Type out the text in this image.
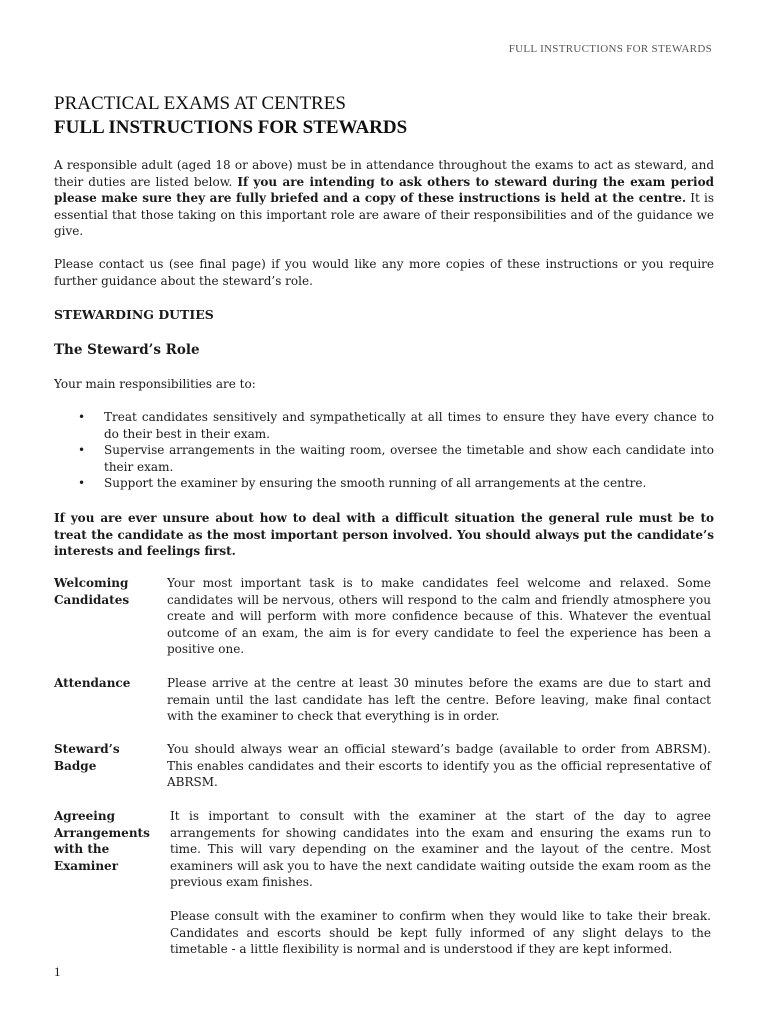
FULL INSTRUCTIONS FOR STEWARDS
PRACTICAL EXAMS AT CENTRES
FULL INSTRUCTIONS FOR STEWARDS

A responsible adult (aged 18 or above) must be in attendance throughout the exams to act as steward, and their duties are listed below. If you are intending to ask others to steward during the exam period please make sure they are fully briefed and a copy of these instructions is held at the centre. It is essential that those taking on this important role are aware of their responsibilities and of the guidance we give.

Please contact us (see final page) if you would like any more copies of these instructions or you require further guidance about the steward’s role.

STEWARDING DUTIES
The Steward’s Role

Your main responsibilities are to:

• Treat candidates sensitively and sympathetically at all times to ensure they have every chance to do their best in their exam.
• Supervise arrangements in the waiting room, oversee the timetable and show each candidate into their exam.
• Support the examiner by ensuring the smooth running of all arrangements at the centre.

If you are ever unsure about how to deal with a difficult situation the general rule must be to treat the candidate as the most important person involved. You should always put the candidate’s interests and feelings first.

Welcoming Candidates

Your most important task is to make candidates feel welcome and relaxed. Some candidates will be nervous, others will respond to the calm and friendly atmosphere you create and will perform with more confidence because of this. Whatever the eventual outcome of an exam, the aim is for every candidate to feel the experience has been a positive one.

Attendance	Please arrive at the centre at least 30 minutes before the exams are due to start and remain until the last candidate has left the centre. Before leaving, make final contact with the examiner to check that everything is in order.

Steward’s Badge

You should always wear an official steward’s badge (available to order from ABRSM). This enables candidates and their escorts to identify you as the official representative of ABRSM.

Agreeing Arrangements with the Examiner

It is important to consult with the examiner at the start of the day to agree arrangements for showing candidates into the exam and ensuring the exams run to time. This will vary depending on the examiner and the layout of the centre. Most examiners will ask you to have the next candidate waiting outside the exam room as the previous exam finishes.

Please consult with the examiner to confirm when they would like to take their break. Candidates and escorts should be kept fully informed of any slight delays to the timetable - a little flexibility is normal and is understood if they are kept informed.

1
